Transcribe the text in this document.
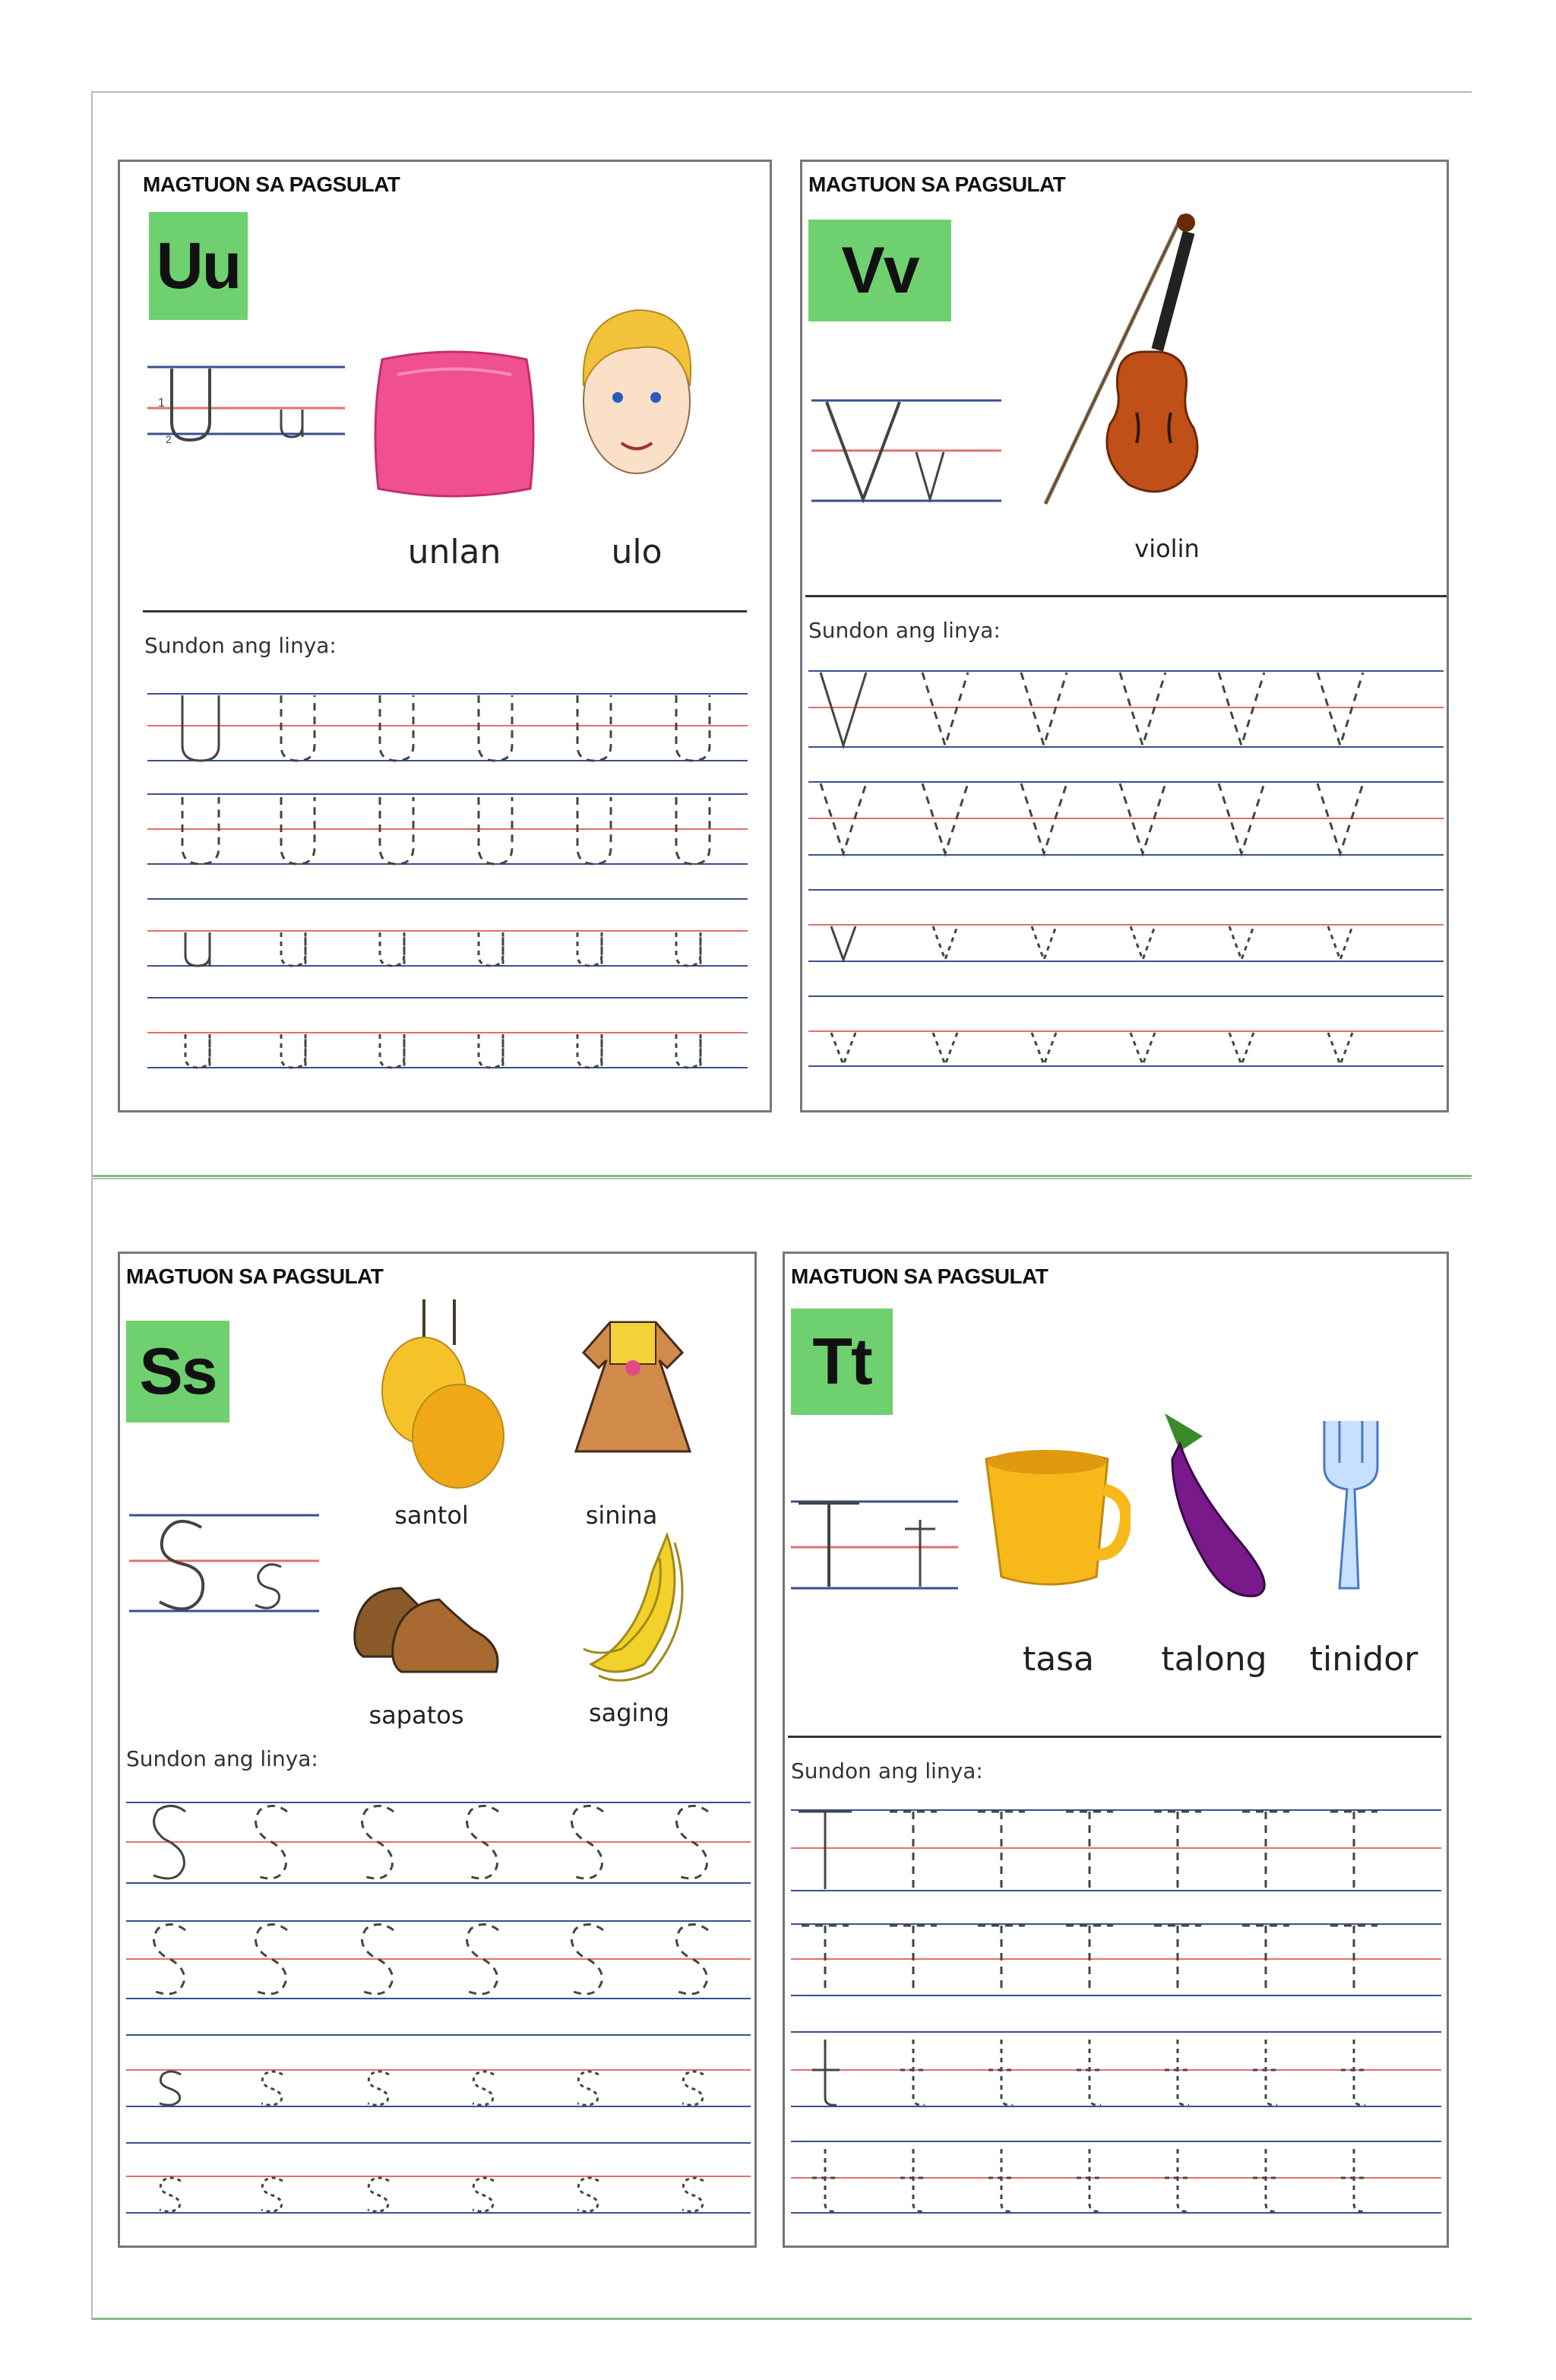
MAGTUON SA PAGSULAT
Uu
1
2
unlan	ulo
Sundon ang linya:
MAGTUON SA PAGSULAT
Vv
violin
Sundon ang linya:
MAGTUON SA PAGSULAT
Ss
santol	sinina
sapatos	saging
Sundon ang linya:
MAGTUON SA PAGSULAT
Tt
tasa	talong	tinidor
Sundon ang linya:
